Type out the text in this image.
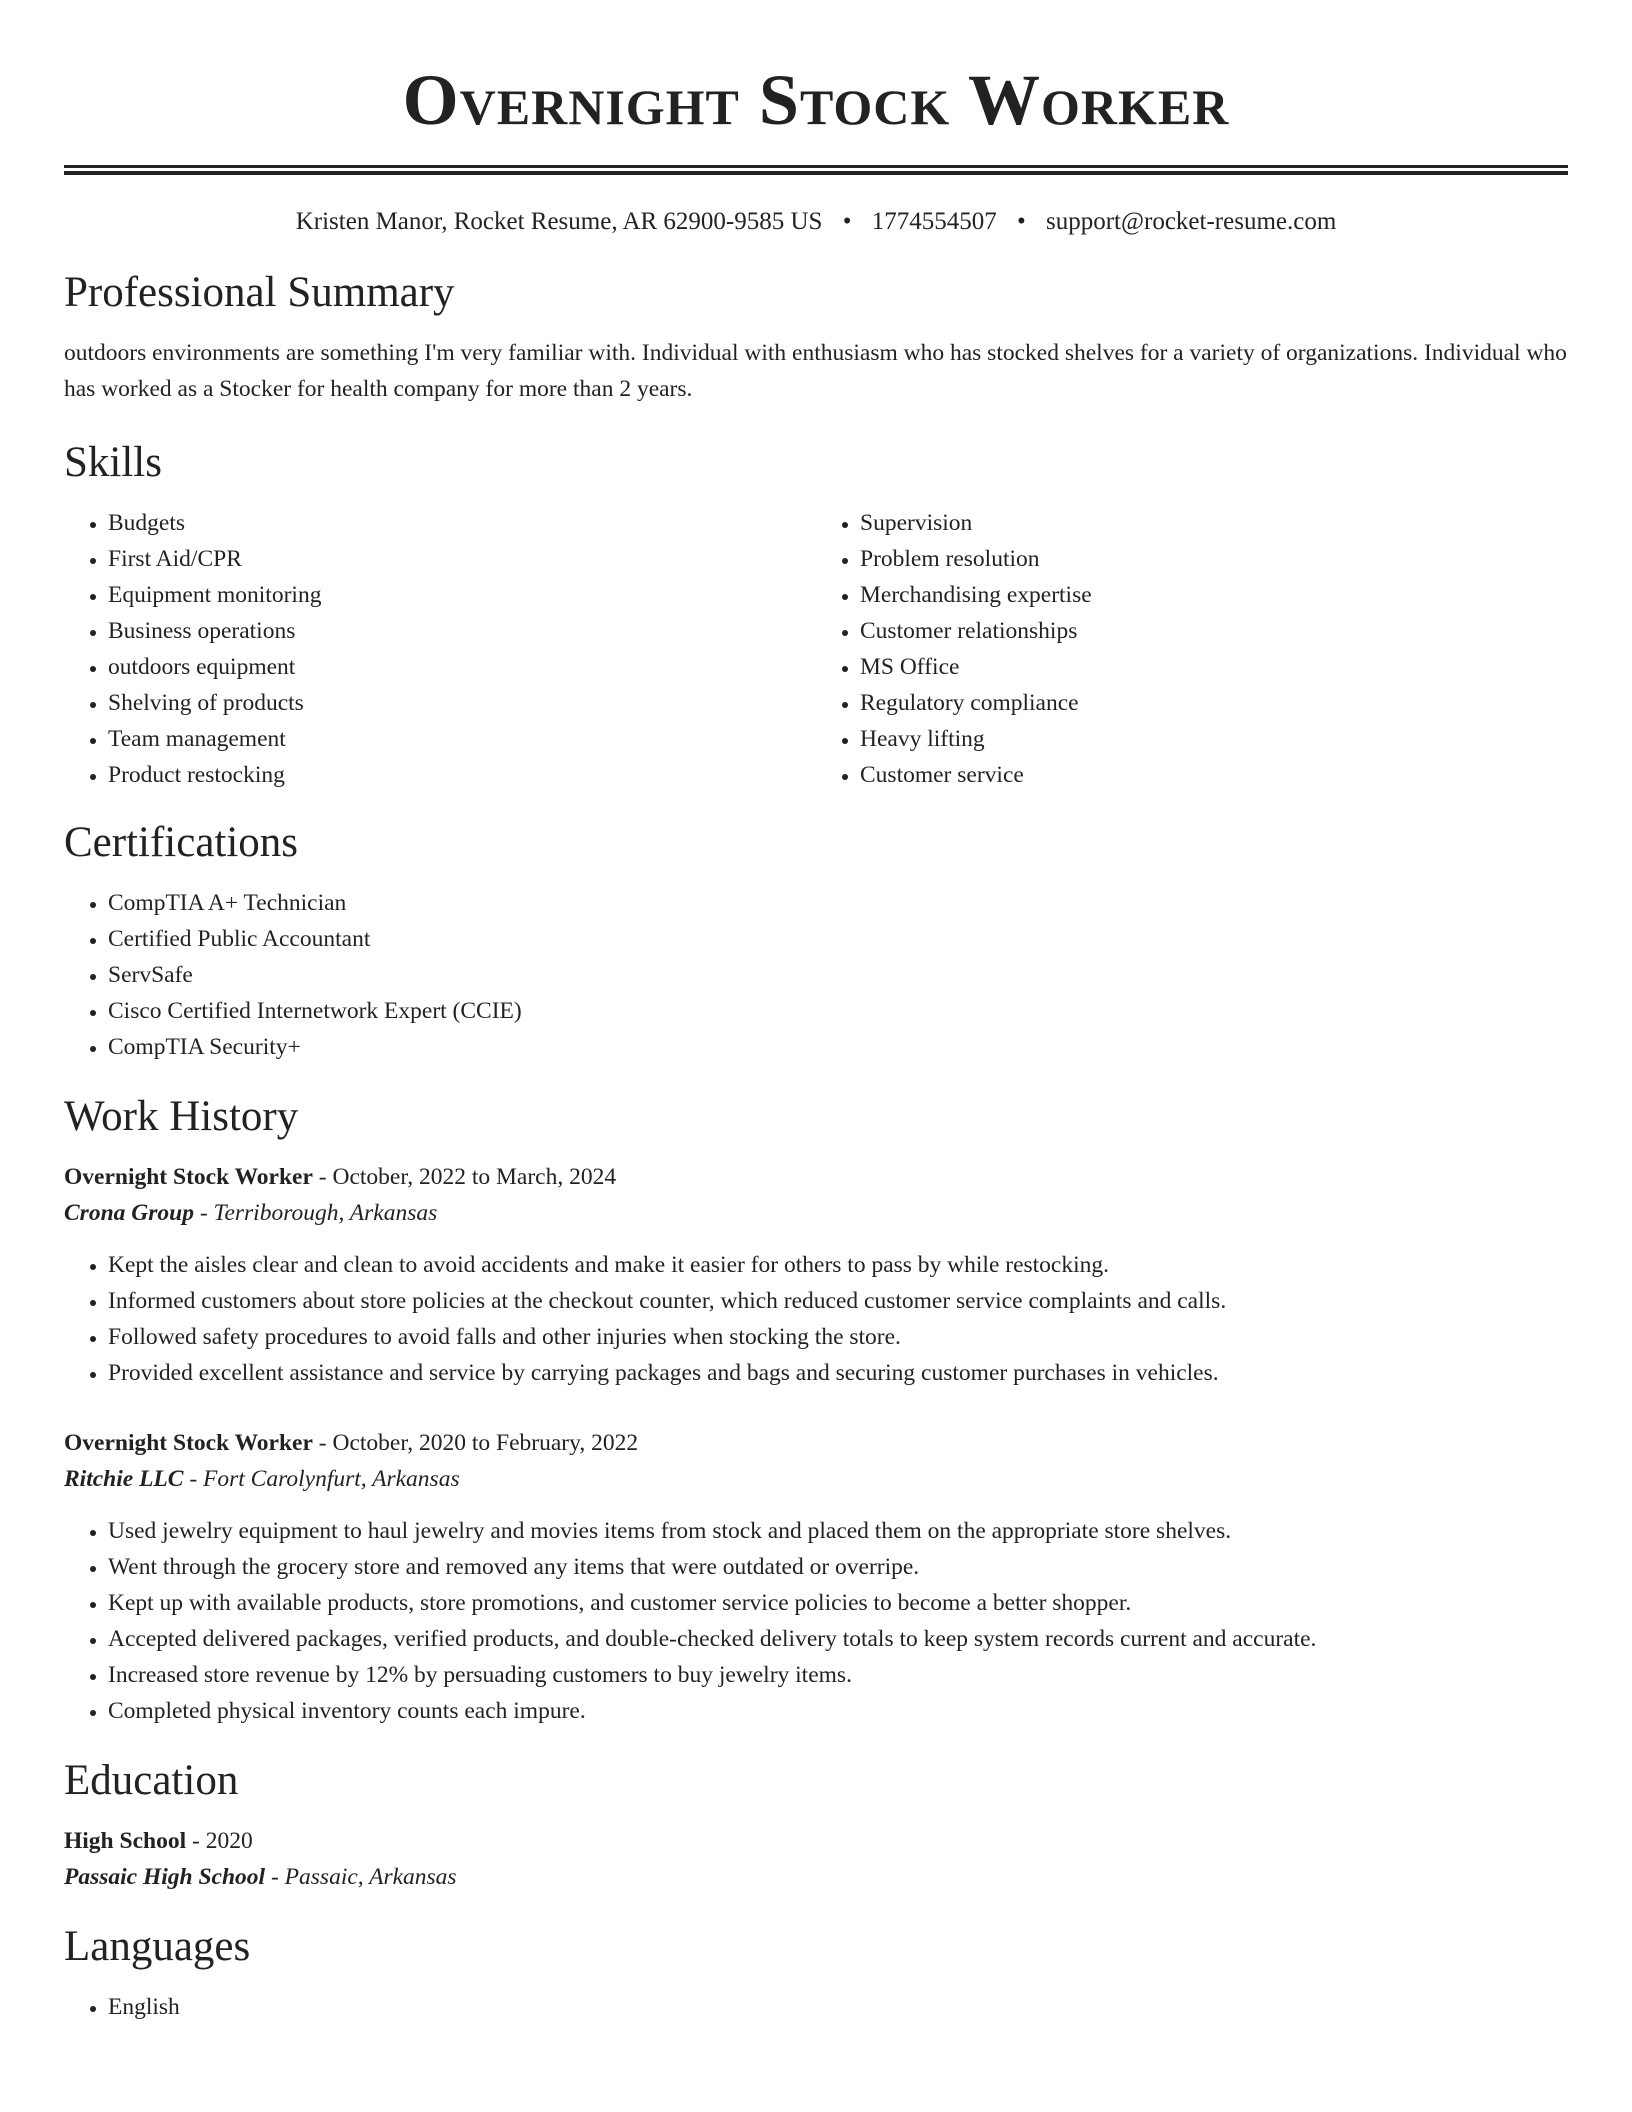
Overnight Stock Worker
Kristen Manor, Rocket Resume, AR 62900-9585 US • 1774554507 • support@rocket-resume.com
Professional Summary

outdoors environments are something I'm very familiar with. Individual with enthusiasm who has stocked shelves for a variety of organizations. Individual who has worked as a Stocker for health company for more than 2 years.

Skills
• Budgets
• First Aid/CPR
• Equipment monitoring
• Business operations
• outdoors equipment
• Shelving of products
• Team management
• Product restocking
• Supervision
• Problem resolution
• Merchandising expertise
• Customer relationships
• MS Office
• Regulatory compliance
• Heavy lifting
• Customer service
Certifications
• CompTIA A+ Technician
• Certified Public Accountant
• ServSafe
• Cisco Certified Internetwork Expert (CCIE)
• CompTIA Security+
Work History
Overnight Stock Worker - October, 2022 to March, 2024
Crona Group - Terriborough, Arkansas
• Kept the aisles clear and clean to avoid accidents and make it easier for others to pass by while restocking.
• Informed customers about store policies at the checkout counter, which reduced customer service complaints and calls.
• Followed safety procedures to avoid falls and other injuries when stocking the store.
• Provided excellent assistance and service by carrying packages and bags and securing customer purchases in vehicles.
Overnight Stock Worker - October, 2020 to February, 2022
Ritchie LLC - Fort Carolynfurt, Arkansas
• Used jewelry equipment to haul jewelry and movies items from stock and placed them on the appropriate store shelves.
• Went through the grocery store and removed any items that were outdated or overripe.
• Kept up with available products, store promotions, and customer service policies to become a better shopper.
• Accepted delivered packages, verified products, and double-checked delivery totals to keep system records current and accurate.
• Increased store revenue by 12% by persuading customers to buy jewelry items.
• Completed physical inventory counts each impure.
Education
High School - 2020
Passaic High School - Passaic, Arkansas
Languages
• English
